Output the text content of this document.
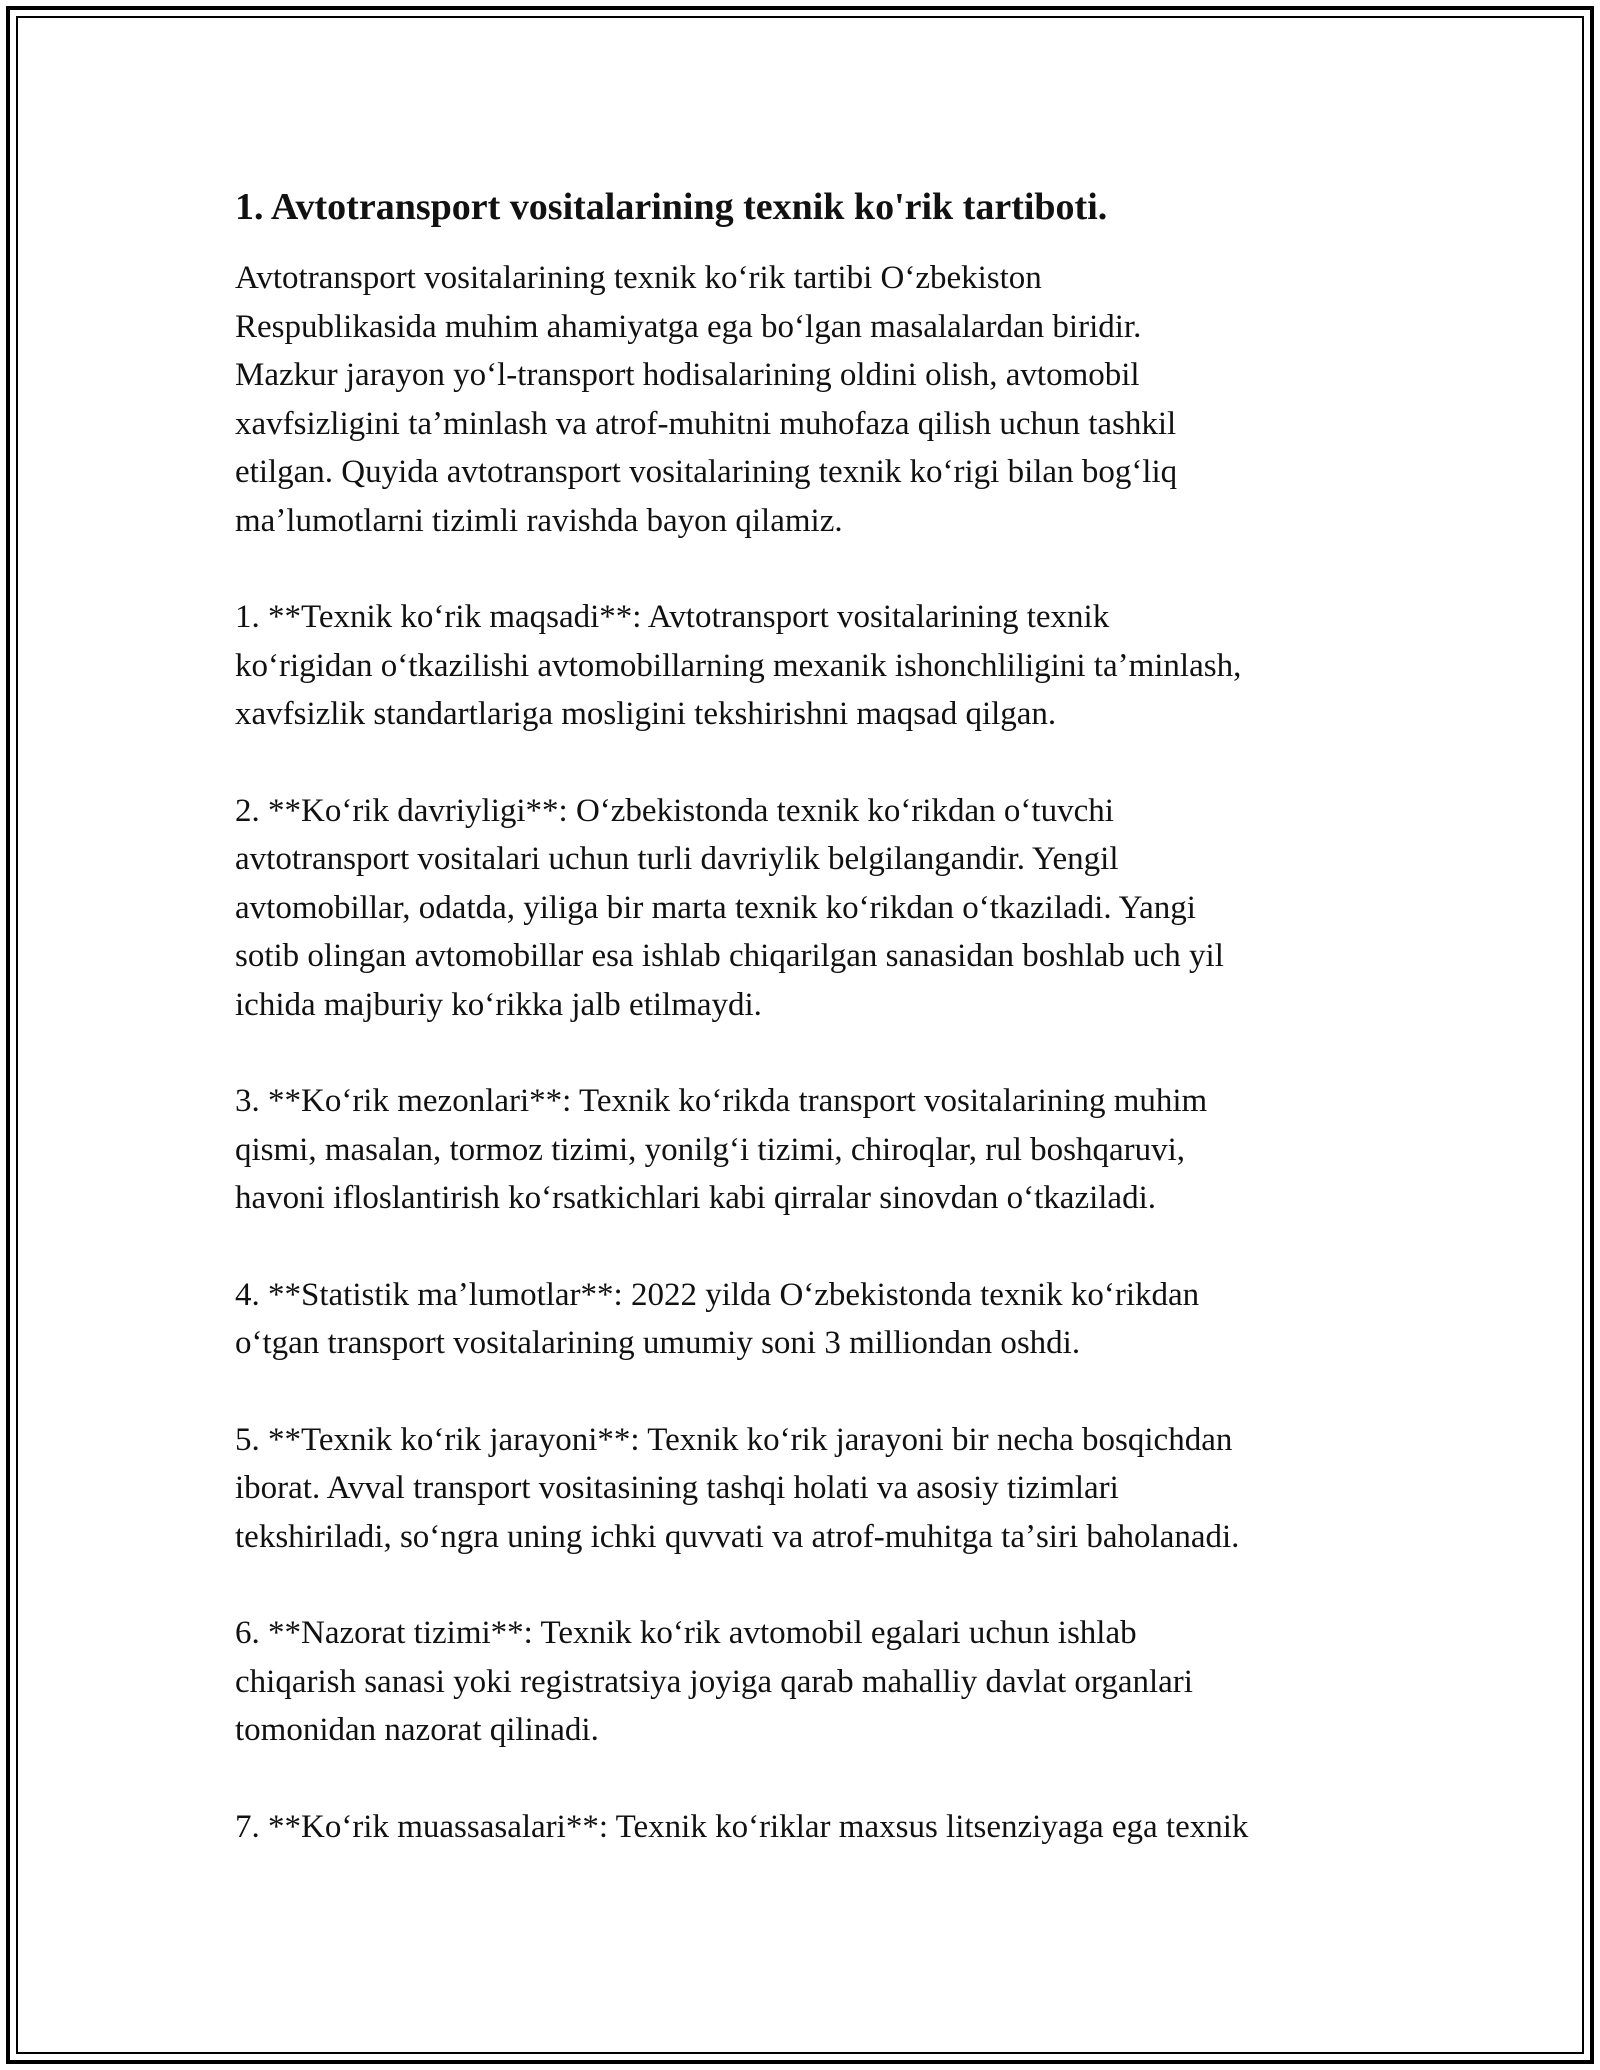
1. Avtotransport vositalarining texnik ko'rik tartiboti.

Avtotransport vositalarining texnik koʻrik tartibi Oʻzbekiston
Respublikasida muhim ahamiyatga ega boʻlgan masalalardan biridir.
Mazkur jarayon yoʻl-transport hodisalarining oldini olish, avtomobil
xavfsizligini taʼminlash va atrof-muhitni muhofaza qilish uchun tashkil
etilgan. Quyida avtotransport vositalarining texnik koʻrigi bilan bogʻliq
maʼlumotlarni tizimli ravishda bayon qilamiz.

1. **Texnik koʻrik maqsadi**: Avtotransport vositalarining texnik
koʻrigidan oʻtkazilishi avtomobillarning mexanik ishonchliligini taʼminlash,
xavfsizlik standartlariga mosligini tekshirishni maqsad qilgan.

2. **Koʻrik davriyligi**: Oʻzbekistonda texnik koʻrikdan oʻtuvchi
avtotransport vositalari uchun turli davriylik belgilangandir. Yengil
avtomobillar, odatda, yiliga bir marta texnik koʻrikdan oʻtkaziladi. Yangi
sotib olingan avtomobillar esa ishlab chiqarilgan sanasidan boshlab uch yil
ichida majburiy koʻrikka jalb etilmaydi.

3. **Koʻrik mezonlari**: Texnik koʻrikda transport vositalarining muhim
qismi, masalan, tormoz tizimi, yonilgʻi tizimi, chiroqlar, rul boshqaruvi,
havoni ifloslantirish koʻrsatkichlari kabi qirralar sinovdan oʻtkaziladi.

4. **Statistik maʼlumotlar**: 2022 yilda Oʻzbekistonda texnik koʻrikdan
oʻtgan transport vositalarining umumiy soni 3 milliondan oshdi.

5. **Texnik koʻrik jarayoni**: Texnik koʻrik jarayoni bir necha bosqichdan
iborat. Avval transport vositasining tashqi holati va asosiy tizimlari
tekshiriladi, soʻngra uning ichki quvvati va atrof-muhitga taʼsiri baholanadi.

6. **Nazorat tizimi**: Texnik koʻrik avtomobil egalari uchun ishlab
chiqarish sanasi yoki registratsiya joyiga qarab mahalliy davlat organlari
tomonidan nazorat qilinadi.

7. **Koʻrik muassasalari**: Texnik koʻriklar maxsus litsenziyaga ega texnik
